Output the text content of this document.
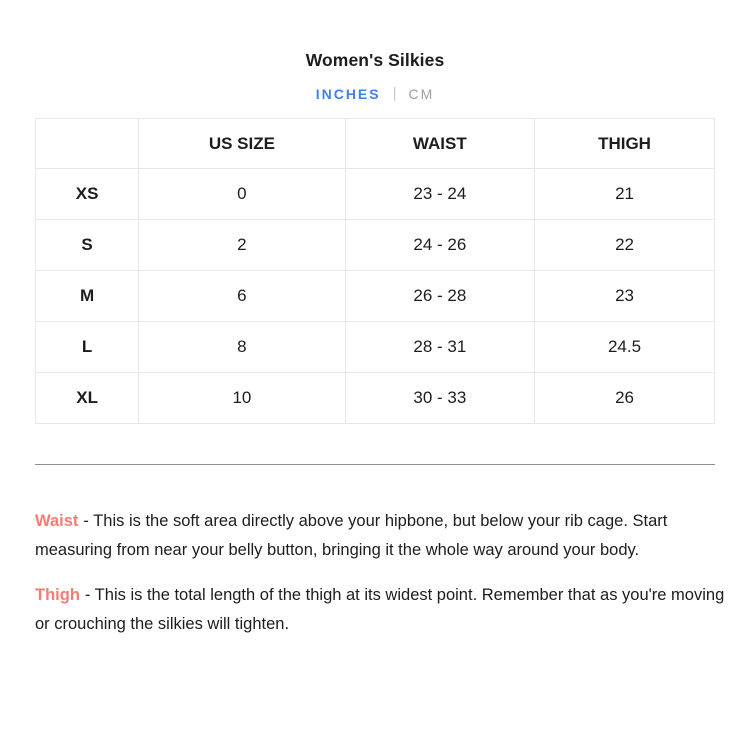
Women's Silkies
INCHES | CM
	US SIZE	WAIST	THIGH
XS	0	23 - 24	21
S	2	24 - 26	22
M	6	26 - 28	23
L	8	28 - 31	24.5
XL	10	30 - 33	26

Waist - This is the soft area directly above your hipbone, but below your rib cage. Start measuring from near your belly button, bringing it the whole way around your body.

Thigh - This is the total length of the thigh at its widest point. Remember that as you're moving or crouching the silkies will tighten.
